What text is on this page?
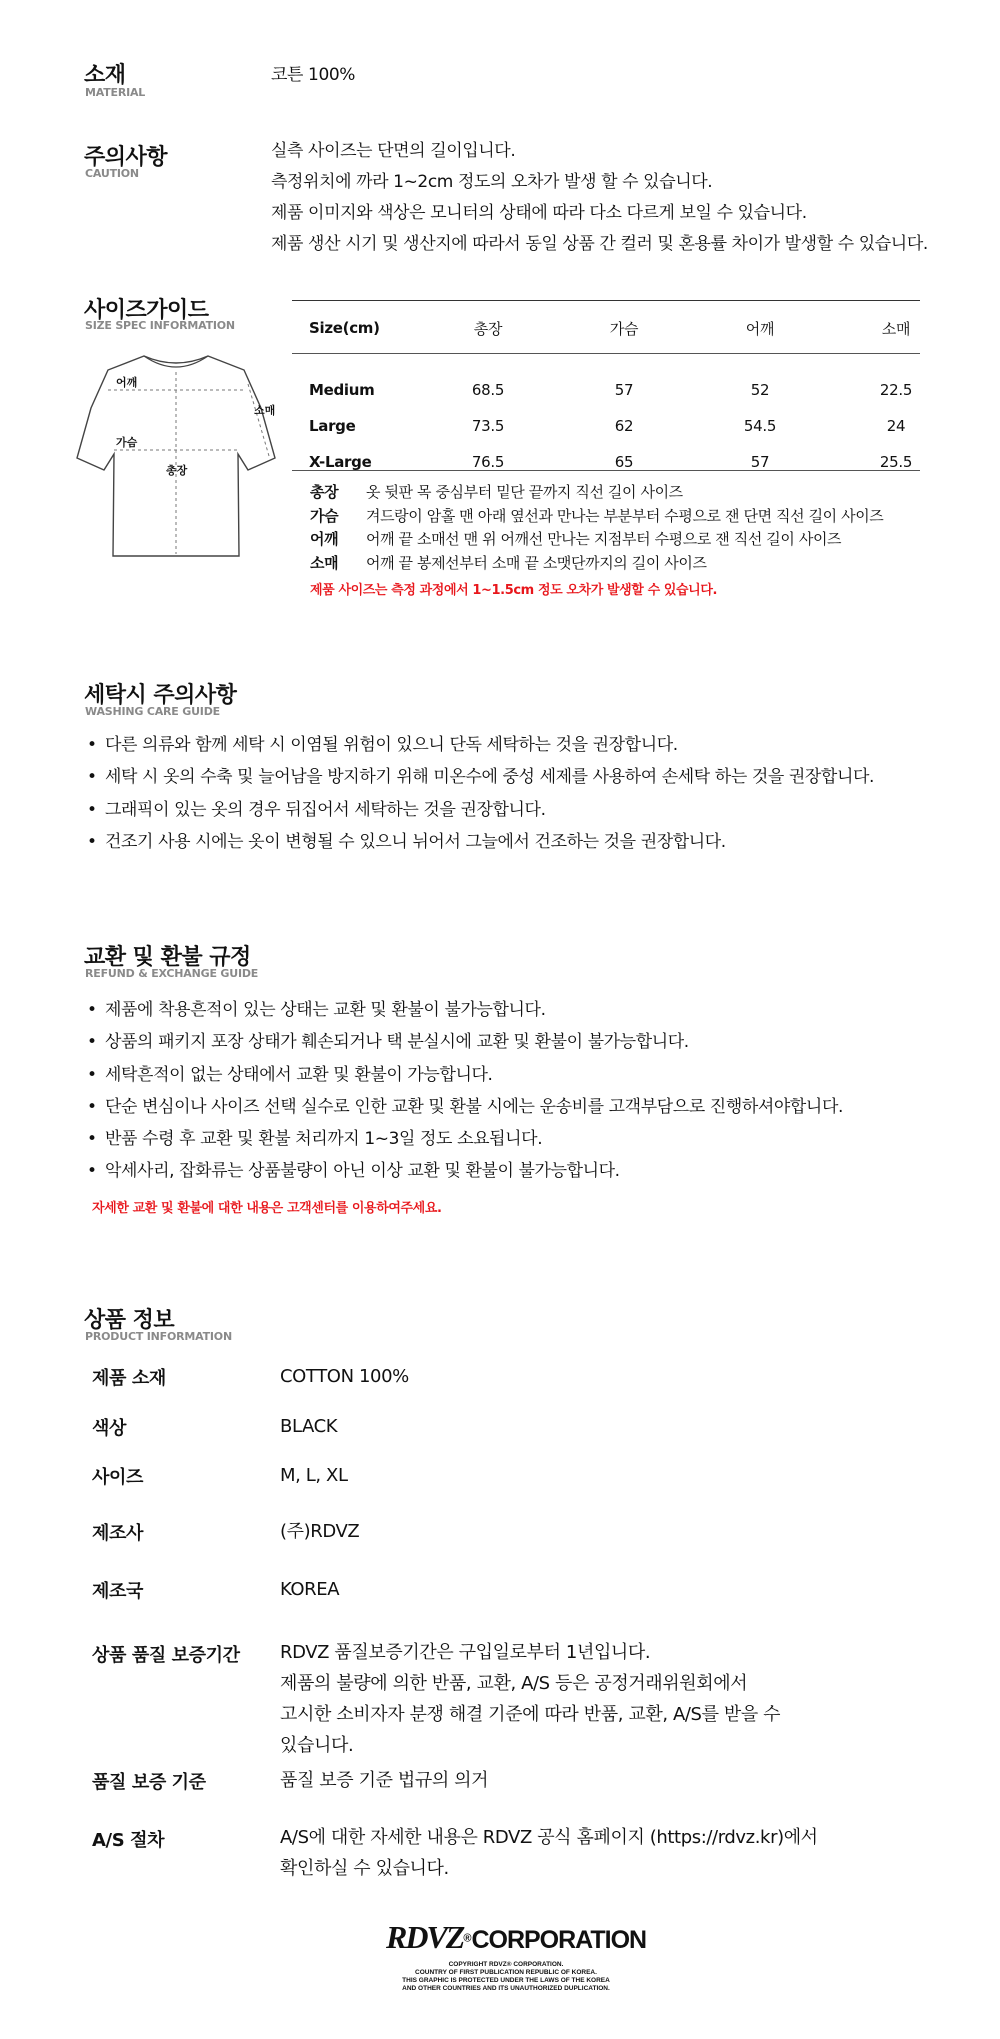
소재
MATERIAL
코튼 100%
주의사항
CAUTION

실측 사이즈는 단면의 길이입니다.

측정위치에 까라 1~2cm 정도의 오차가 발생 할 수 있습니다.

제품 이미지와 색상은 모니터의 상태에 따라 다소 다르게 보일 수 있습니다.

제품 생산 시기 및 생산지에 따라서 동일 상품 간 컬러 및 혼용률 차이가 발생할 수 있습니다.

사이즈가이드
SIZE SPEC INFORMATION
어깨
소매
가슴
총장
Size(cm)	총장	가슴	어깨	소매

Medium	68.5	57	52	22.5
Large	73.5	62	54.5	24
X-Large	76.5	65	57	25.5
총장 옷 뒷판 목 중심부터 밑단 끝까지 직선 길이 사이즈
가슴 겨드랑이 암홀 맨 아래 옆선과 만나는 부분부터 수평으로 잰 단면 직선 길이 사이즈
어깨 어깨 끝 소매선 맨 위 어깨선 만나는 지점부터 수평으로 잰 직선 길이 사이즈
소매 어깨 끝 봉제선부터 소매 끝 소맷단까지의 길이 사이즈
제품 사이즈는 측정 과정에서 1~1.5cm 정도 오차가 발생할 수 있습니다.
세탁시 주의사항
WASHING CARE GUIDE
• 다른 의류와 함께 세탁 시 이염될 위험이 있으니 단독 세탁하는 것을 권장합니다.
• 세탁 시 옷의 수축 및 늘어남을 방지하기 위해 미온수에 중성 세제를 사용하여 손세탁 하는 것을 권장합니다.
• 그래픽이 있는 옷의 경우 뒤집어서 세탁하는 것을 권장합니다.
• 건조기 사용 시에는 옷이 변형될 수 있으니 뉘어서 그늘에서 건조하는 것을 권장합니다.
교환 및 환불 규정
REFUND & EXCHANGE GUIDE
• 제품에 착용흔적이 있는 상태는 교환 및 환불이 불가능합니다.
• 상품의 패키지 포장 상태가 훼손되거나 택 분실시에 교환 및 환불이 불가능합니다.
• 세탁흔적이 없는 상태에서 교환 및 환불이 가능합니다.
• 단순 변심이나 사이즈 선택 실수로 인한 교환 및 환불 시에는 운송비를 고객부담으로 진행하셔야합니다.
• 반품 수령 후 교환 및 환불 처리까지 1~3일 정도 소요됩니다.
• 악세사리, 잡화류는 상품불량이 아닌 이상 교환 및 환불이 불가능합니다.
자세한 교환 및 환불에 대한 내용은 고객센터를 이용하여주세요.
상품 정보
PRODUCT INFORMATION
제품 소재	COTTON 100%
색상	BLACK
사이즈	M, L, XL
제조사	(주)RDVZ
제조국	KOREA
상품 품질 보증기간 RDVZ 품질보증기간은 구입일로부터 1년입니다.
제품의 불량에 의한 반품, 교환, A/S 등은 공정거래위원회에서
고시한 소비자자 분쟁 해결 기준에 따라 반품, 교환, A/S를 받을 수
있습니다.
품질 보증 기준	품질 보증 기준 법규의 의거
A/S 절차	A/S에 대한 자세한 내용은 RDVZ 공식 홈페이지 (https://rdvz.kr)에서
확인하실 수 있습니다.
RDVZ®CORPORATION
COPYRIGHT RDVZ® CORPORATION.
COUNTRY OF FIRST PUBLICATION REPUBLIC OF KOREA.
THIS GRAPHIC IS PROTECTED UNDER THE LAWS OF THE KOREA
AND OTHER COUNTRIES AND ITS UNAUTHORIZED DUPLICATION.
